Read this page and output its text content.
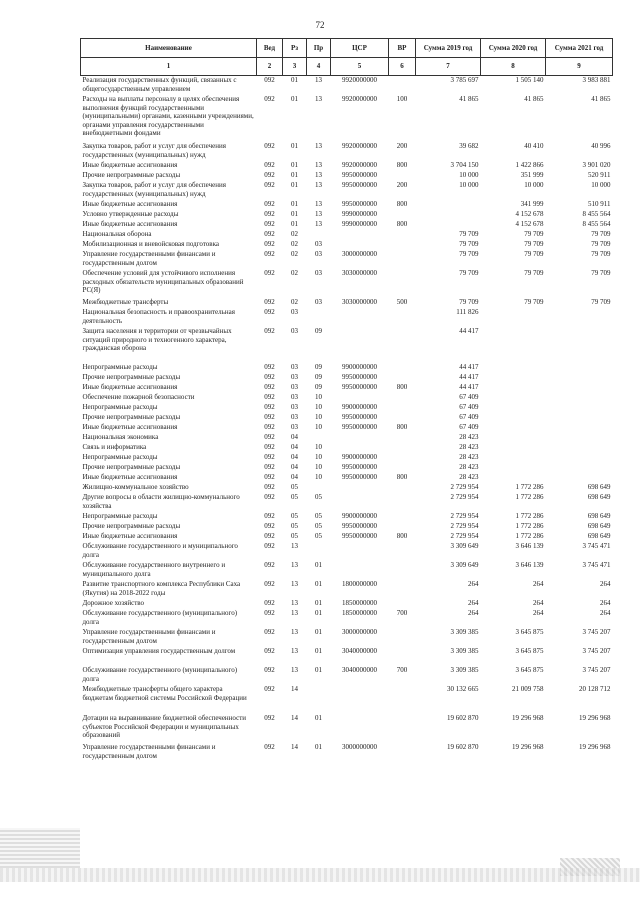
72
Наименование	Вед	Рз	Пр	ЦСР	ВР	Сумма 2019 год	Сумма 2020 год	Сумма 2021 год
1	2	3	4	5	6	7	8	9
Реализация государственных функций, связанных с общегосударственным управлением	092	01	13	9920000000		3 785 697	1 505 140	3 983 881
Расходы на выплаты персоналу в целях обеспечения выполнения функций государственными (муниципальными) органами, казенными учреждениями, органами управления государственными внебюджетными фондами	092	01	13	9920000000	100	41 865	41 865	41 865
Закупка товаров, работ и услуг для обеспечения государственных (муниципальных) нужд	092	01	13	9920000000	200	39 682	40 410	40 996
Иные бюджетные ассигнования	092	01	13	9920000000	800	3 704 150	1 422 866	3 901 020
Прочие непрограммные расходы	092	01	13	9950000000		10 000	351 999	520 911
Закупка товаров, работ и услуг для обеспечения государственных (муниципальных) нужд	092	01	13	9950000000	200	10 000	10 000	10 000
Иные бюджетные ассигнования	092	01	13	9950000000	800		341 999	510 911
Условно утвержденные расходы	092	01	13	9990000000			4 152 678	8 455 564
Иные бюджетные ассигнования	092	01	13	9990000000	800		4 152 678	8 455 564
Национальная оборона	092	02				79 709	79 709	79 709
Мобилизационная и вневойсковая подготовка	092	02	03			79 709	79 709	79 709
Управление государственными финансами и государственным долгом	092	02	03	3000000000		79 709	79 709	79 709
Обеспечение условий для устойчивого исполнения расходных обязательств муниципальных образований РС(Я)	092	02	03	3030000000		79 709	79 709	79 709
Межбюджетные трансферты	092	02	03	3030000000	500	79 709	79 709	79 709
Национальная безопасность и правоохранительная деятельность	092	03				111 826		
Защита населения и территории от чрезвычайных ситуаций природного и техногенного характера, гражданская оборона	092	03	09			44 417		
Непрограммные расходы	092	03	09	9900000000		44 417		
Прочие непрограммные расходы	092	03	09	9950000000		44 417		
Иные бюджетные ассигнования	092	03	09	9950000000	800	44 417		
Обеспечение пожарной безопасности	092	03	10			67 409		
Непрограммные расходы	092	03	10	9900000000		67 409		
Прочие непрограммные расходы	092	03	10	9950000000		67 409		
Иные бюджетные ассигнования	092	03	10	9950000000	800	67 409		
Национальная экономика	092	04				28 423		
Связь и информатика	092	04	10			28 423		
Непрограммные расходы	092	04	10	9900000000		28 423		
Прочие непрограммные расходы	092	04	10	9950000000		28 423		
Иные бюджетные ассигнования	092	04	10	9950000000	800	28 423		
Жилищно-коммунальное хозяйство	092	05				2 729 954	1 772 286	698 649
Другие вопросы в области жилищно-коммунального хозяйства	092	05	05			2 729 954	1 772 286	698 649
Непрограммные расходы	092	05	05	9900000000		2 729 954	1 772 286	698 649
Прочие непрограммные расходы	092	05	05	9950000000		2 729 954	1 772 286	698 649
Иные бюджетные ассигнования	092	05	05	9950000000	800	2 729 954	1 772 286	698 649
Обслуживание государственного и муниципального долга	092	13				3 309 649	3 646 139	3 745 471
Обслуживание государственного внутреннего и муниципального долга	092	13	01			3 309 649	3 646 139	3 745 471
Развитие транспортного комплекса Республики Саха (Якутия) на 2018-2022 годы	092	13	01	1800000000		264	264	264
Дорожное хозяйство	092	13	01	1850000000		264	264	264
Обслуживание государственного (муниципального) долга	092	13	01	1850000000	700	264	264	264
Управление государственными финансами и государственным долгом	092	13	01	3000000000		3 309 385	3 645 875	3 745 207
Оптимизация управления государственным долгом	092	13	01	3040000000		3 309 385	3 645 875	3 745 207
Обслуживание государственного (муниципального) долга	092	13	01	3040000000	700	3 309 385	3 645 875	3 745 207
Межбюджетные трансферты общего характера бюджетам бюджетной системы Российской Федерации	092	14				30 132 665	21 009 758	20 128 712
Дотации на выравнивание бюджетной обеспеченности субъектов Российской Федерации и муниципальных образований	092	14	01			19 602 870	19 296 968	19 296 968
Управление государственными финансами и государственным долгом	092	14	01	3000000000		19 602 870	19 296 968	19 296 968
